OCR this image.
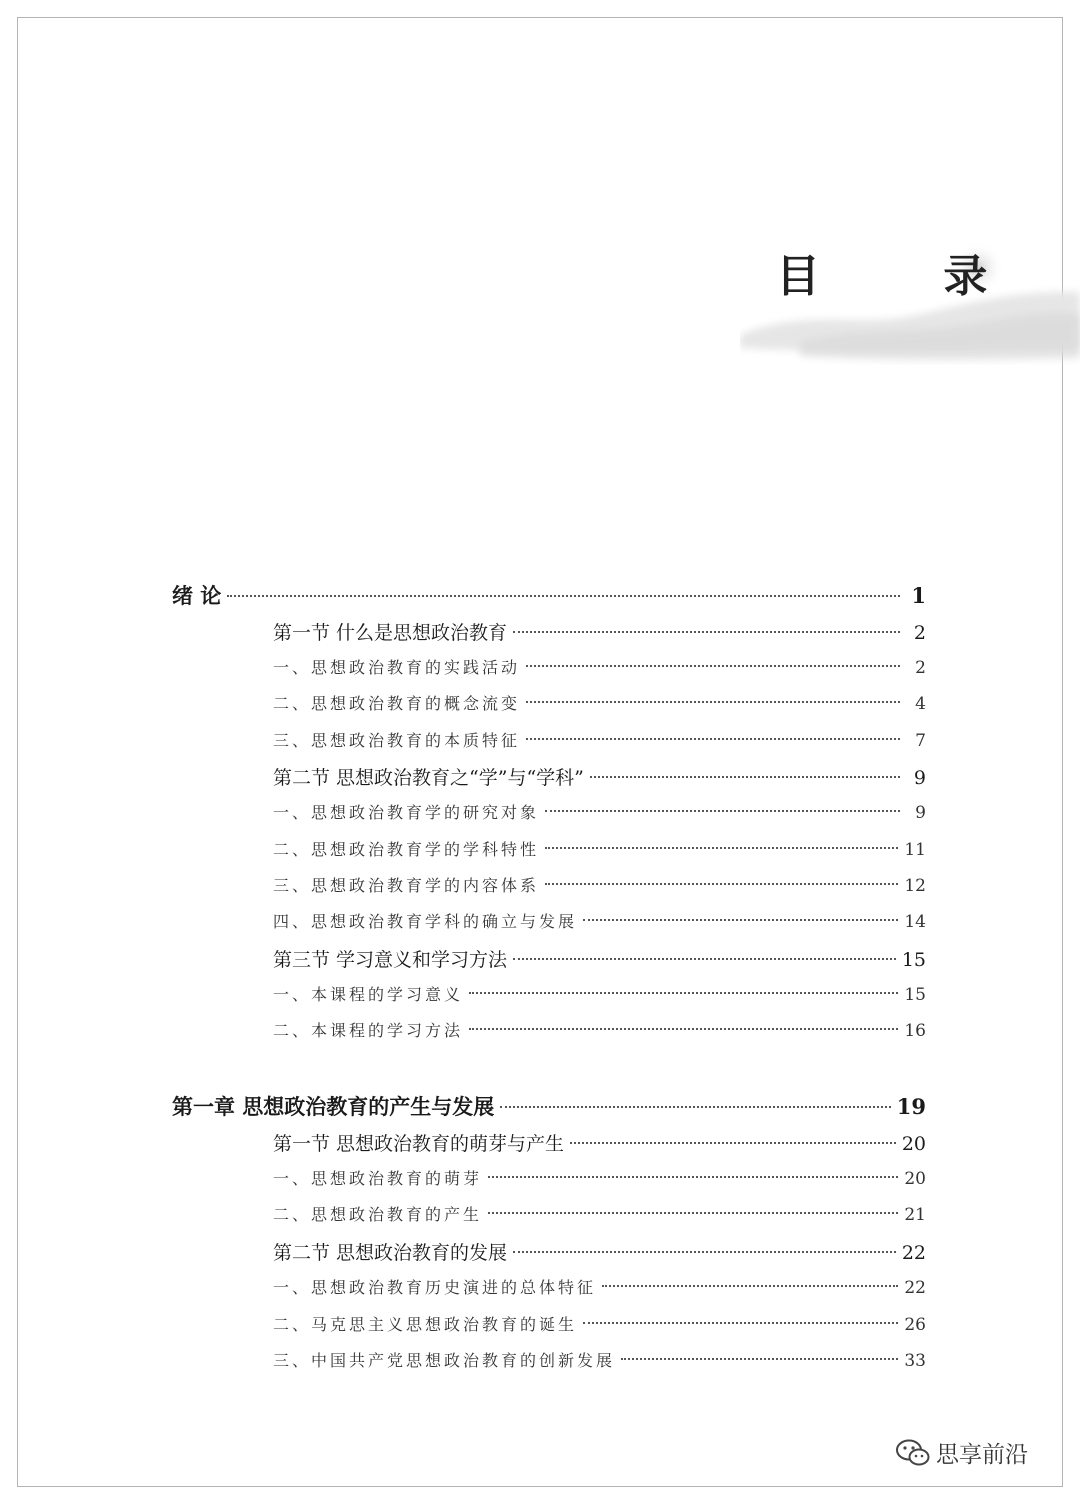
目 录
绪 论	1
第一节 什么是思想政治教育	2
一、思想政治教育的实践活动	2
二、思想政治教育的概念流变	4
三、思想政治教育的本质特征	7
第二节 思想政治教育之“学”与“学科”	9
一、思想政治教育学的研究对象	9
二、思想政治教育学的学科特性	11
三、思想政治教育学的内容体系	12
四、思想政治教育学科的确立与发展	14
第三节 学习意义和学习方法	15
一、本课程的学习意义	15
二、本课程的学习方法	16
第一章 思想政治教育的产生与发展	19
第一节 思想政治教育的萌芽与产生	20
一、思想政治教育的萌芽	20
二、思想政治教育的产生	21
第二节 思想政治教育的发展	22
一、思想政治教育历史演进的总体特征	22
二、马克思主义思想政治教育的诞生	26
三、中国共产党思想政治教育的创新发展	33
思享前沿
